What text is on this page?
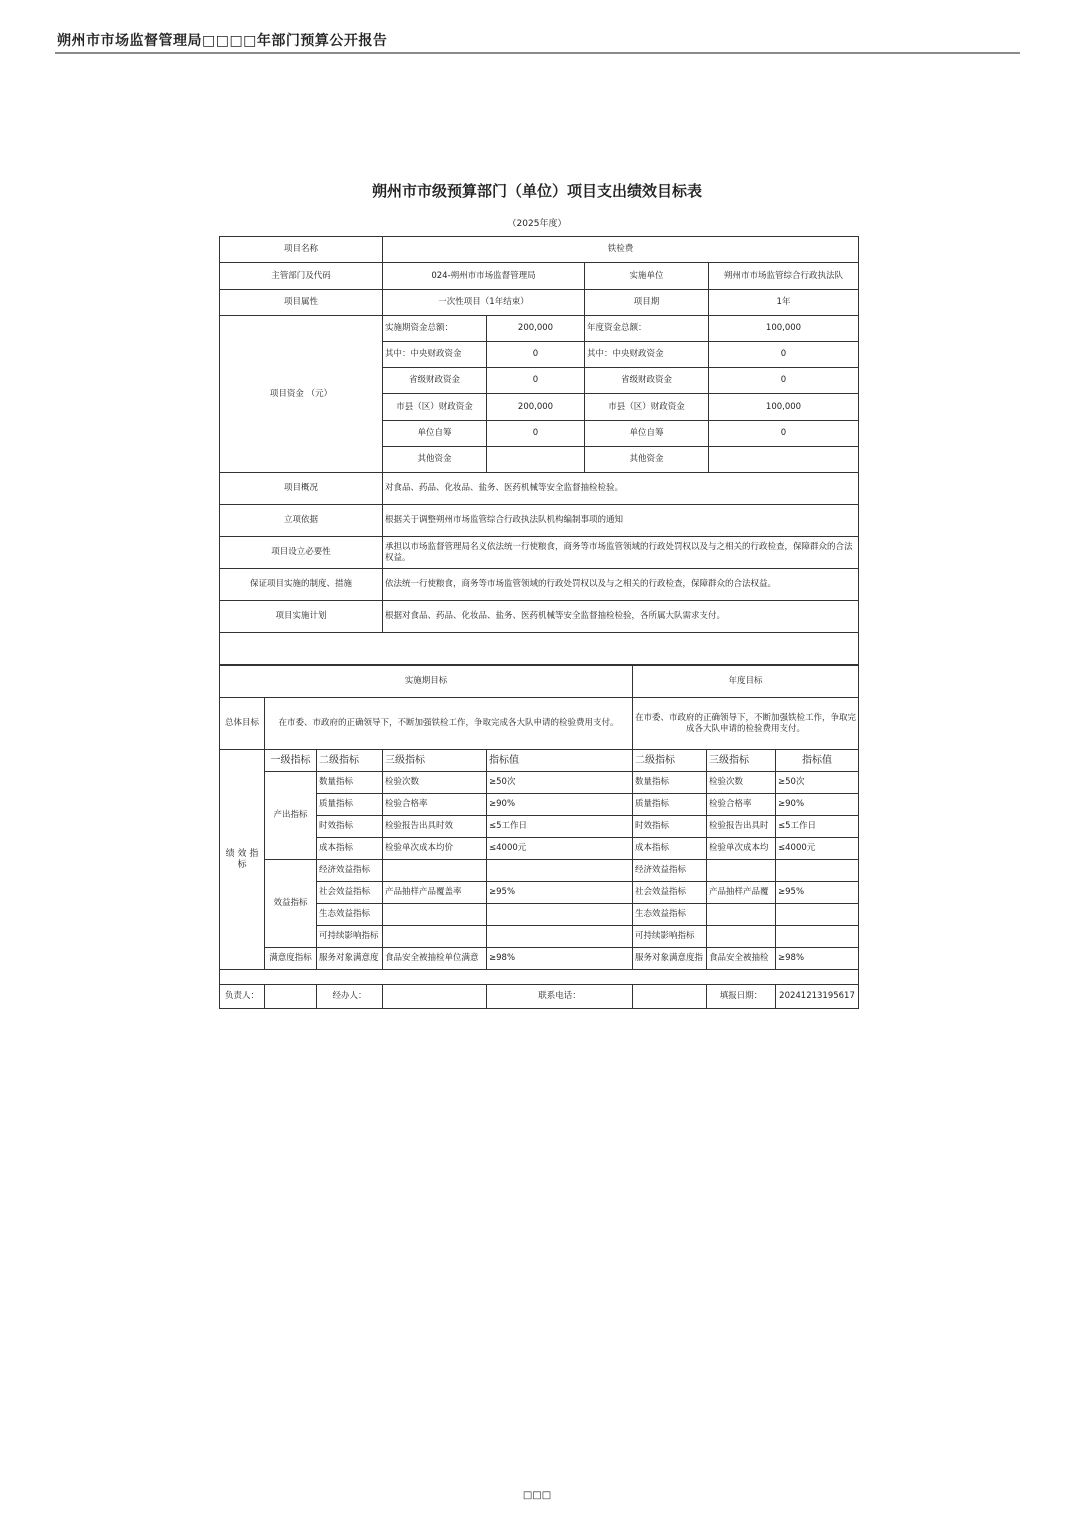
朔州市市场监督管理局□□□□年部门预算公开报告
朔州市市级预算部门（单位）项目支出绩效目标表
（2025年度）
项目名称	铁检费			
主管部门及代码	024-朔州市市场监督管理局		实施单位	朔州市市场监管综合行政执法队
项目属性	一次性项目（1年结束）		项目期	1年
项目资金 （元）	实施期资金总额：	200,000	年度资金总额：	100,000
	其中：中央财政资金	0	其中：中央财政资金	0
	省级财政资金	0	省级财政资金	0
	市县（区）财政资金	200,000	市县（区）财政资金	100,000
	单位自筹	0	单位自筹	0
	其他资金		其他资金	
项目概况	对食品、药品、化妆品、盐务、医药机械等安全监督抽检检验。			
立项依据	根据关于调整朔州市场监管综合行政执法队机构编制事项的通知			
项目设立必要性	承担以市场监督管理局名义依法统一行使粮食，商务等市场监管领域的行政处罚权以及与之相关的行政检查，保障群众的合法权益。			
保证项目实施的制度、措施	依法统一行使粮食，商务等市场监管领域的行政处罚权以及与之相关的行政检查，保障群众的合法权益。			
项目实施计划	根据对食品、药品、化妆品、盐务、医药机械等安全监督抽检检验，各所属大队需求支付。			

实施期目标					年度目标		
总体目标	在市委、市政府的正确领导下，不断加强铁检工作，争取完成各大队申请的检验费用支付。				在市委、市政府的正确领导下，不断加强铁检工作，争取完成各大队申请的检验费用支付。		
绩 效 指 标	一级指标	二级指标	三级指标	指标值	二级指标	三级指标	指标值
	产出指标	数量指标	检验次数	≥50次	数量指标	检验次数	≥50次
		质量指标	检验合格率	≥90%	质量指标	检验合格率	≥90%
		时效指标	检验报告出具时效	≤5工作日	时效指标	检验报告出具时	≤5工作日
		成本指标	检验单次成本均价	≤4000元	成本指标	检验单次成本均	≤4000元
	效益指标	经济效益指标			经济效益指标		
		社会效益指标	产品抽样产品覆盖率	≥95%	社会效益指标	产品抽样产品覆	≥95%
		生态效益指标			生态效益指标		
		可持续影响指标			可持续影响指标		
	满意度指标	服务对象满意度	食品安全被抽检单位满意	≥98%	服务对象满意度指	食品安全被抽检	≥98%

负责人：		经办人：		联系电话：		填报日期：	20241213195617
□□□
